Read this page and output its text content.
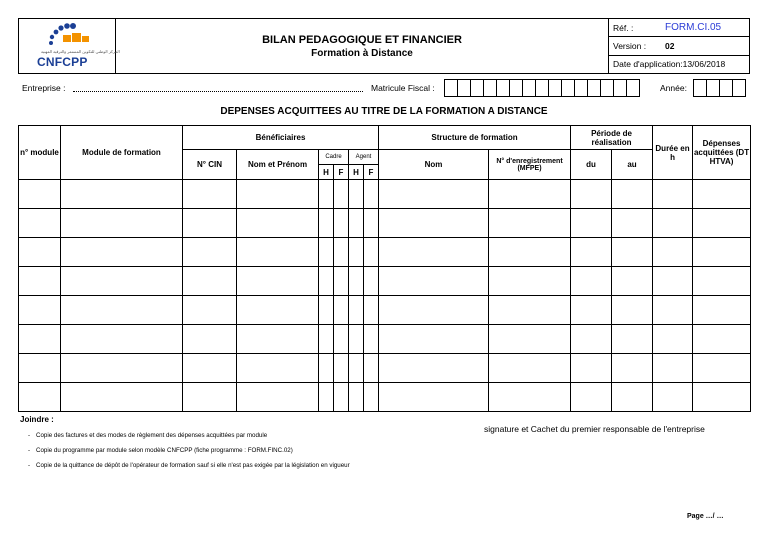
المركز الوطني للتكوين المستمر والترقية المهنية
CNFCPP
BILAN PEDAGOGIQUE ET FINANCIER
Formation à Distance
Réf. :	FORM.CI.05
Version :	02
Date d'application:13/06/2018
Entreprise :	Matricule Fiscal :	Année:
DEPENSES ACQUITTEES AU TITRE DE LA FORMATION A DISTANCE
n° module	Module de formation	Bénéficiaires						Structure de formation		Période de réalisation		Durée en h	Dépenses acquittées (DT HTVA)
		N° CIN	Nom et Prénom	Cadre		Agent		Nom	N° d'enregistrement (MFPE)	du	au		
				H	F	H	F						

Joindre :
- Copie des factures et des modes de règlement des dépenses acquittées par module
- Copie du programme par module selon modèle CNFCPP (fiche programme : FORM.FINC.02)
- Copie de la quittance de dépôt de l'opérateur de formation sauf si elle n'est pas exigée par la législation en vigueur
signature et Cachet du premier responsable de l'entreprise
Page …/ …
